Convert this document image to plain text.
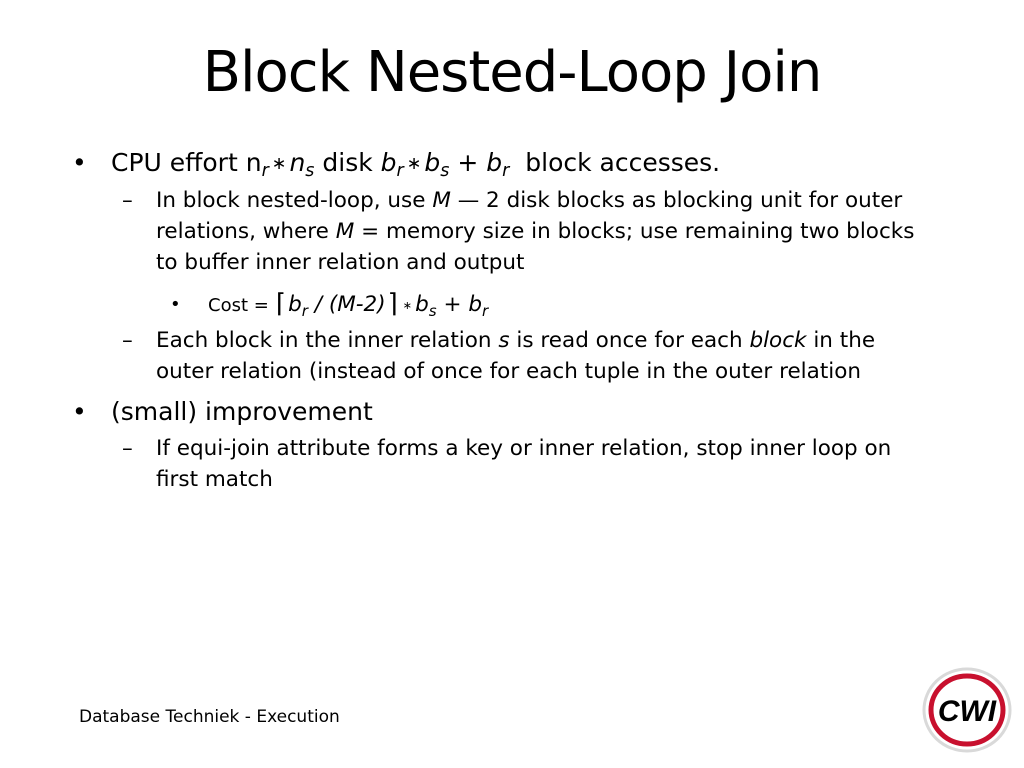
Block Nested-Loop Join
• CPU effort $n_r$ ∗ $n_s$ disk $b_r$ ∗ $b_s + b_r$ block accesses.
– In block nested-loop, use M — 2 disk blocks as blocking unit for outer
relations, where M = memory size in blocks; use remaining two blocks
to buffer inner relation and output
• Cost = $⌈b_r$ / (M-2)⌉ ∗ $b_s + b_r$
– Each block in the inner relation s is read once for each block in the
outer relation (instead of once for each tuple in the outer relation
• (small) improvement
– If equi-join attribute forms a key or inner relation, stop inner loop on
first match
Database Techniek - Execution	CWI
